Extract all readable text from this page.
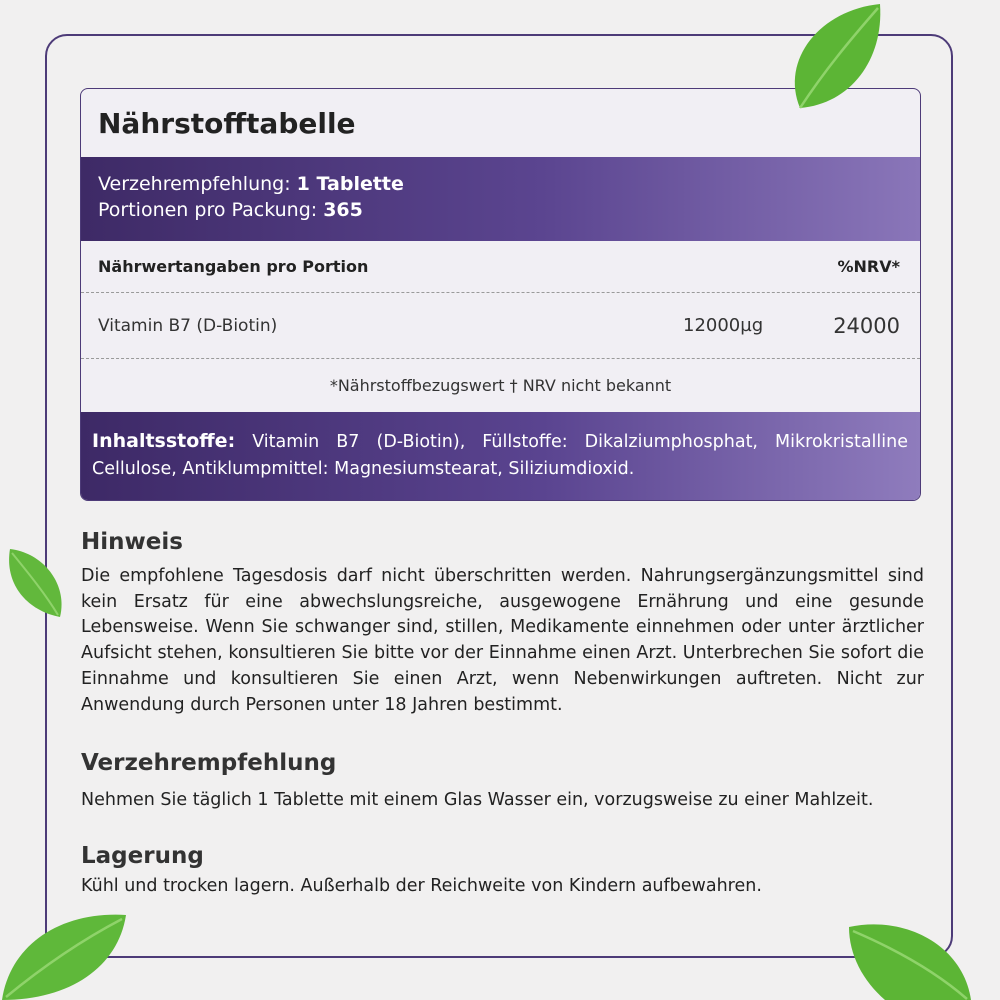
Nährstofftabelle
Verzehrempfehlung: 1 Tablette
Portionen pro Packung: 365
Nährwertangaben pro Portion	%NRV*
Vitamin B7 (D-Biotin)	12000µg	24000
*Nährstoffbezugswert † NRV nicht bekannt
Inhaltsstoffe: Vitamin B7 (D-Biotin), Füllstoffe: Dikalziumphosphat, Mikrokristalline Cellulose, Antiklumpmittel: Magnesiumstearat, Siliziumdioxid.
Hinweis

Die empfohlene Tagesdosis darf nicht überschritten werden. Nahrungsergänzungsmittel sind kein Ersatz für eine abwechslungsreiche, ausgewogene Ernährung und eine gesunde Lebensweise. Wenn Sie schwanger sind, stillen, Medikamente einnehmen oder unter ärztlicher Aufsicht stehen, konsultieren Sie bitte vor der Einnahme einen Arzt. Unterbrechen Sie sofort die Einnahme und konsultieren Sie einen Arzt, wenn Nebenwirkungen auftreten. Nicht zur Anwendung durch Personen unter 18 Jahren bestimmt.

Verzehrempfehlung

Nehmen Sie täglich 1 Tablette mit einem Glas Wasser ein, vorzugsweise zu einer Mahlzeit.

Lagerung

Kühl und trocken lagern. Außerhalb der Reichweite von Kindern aufbewahren.
